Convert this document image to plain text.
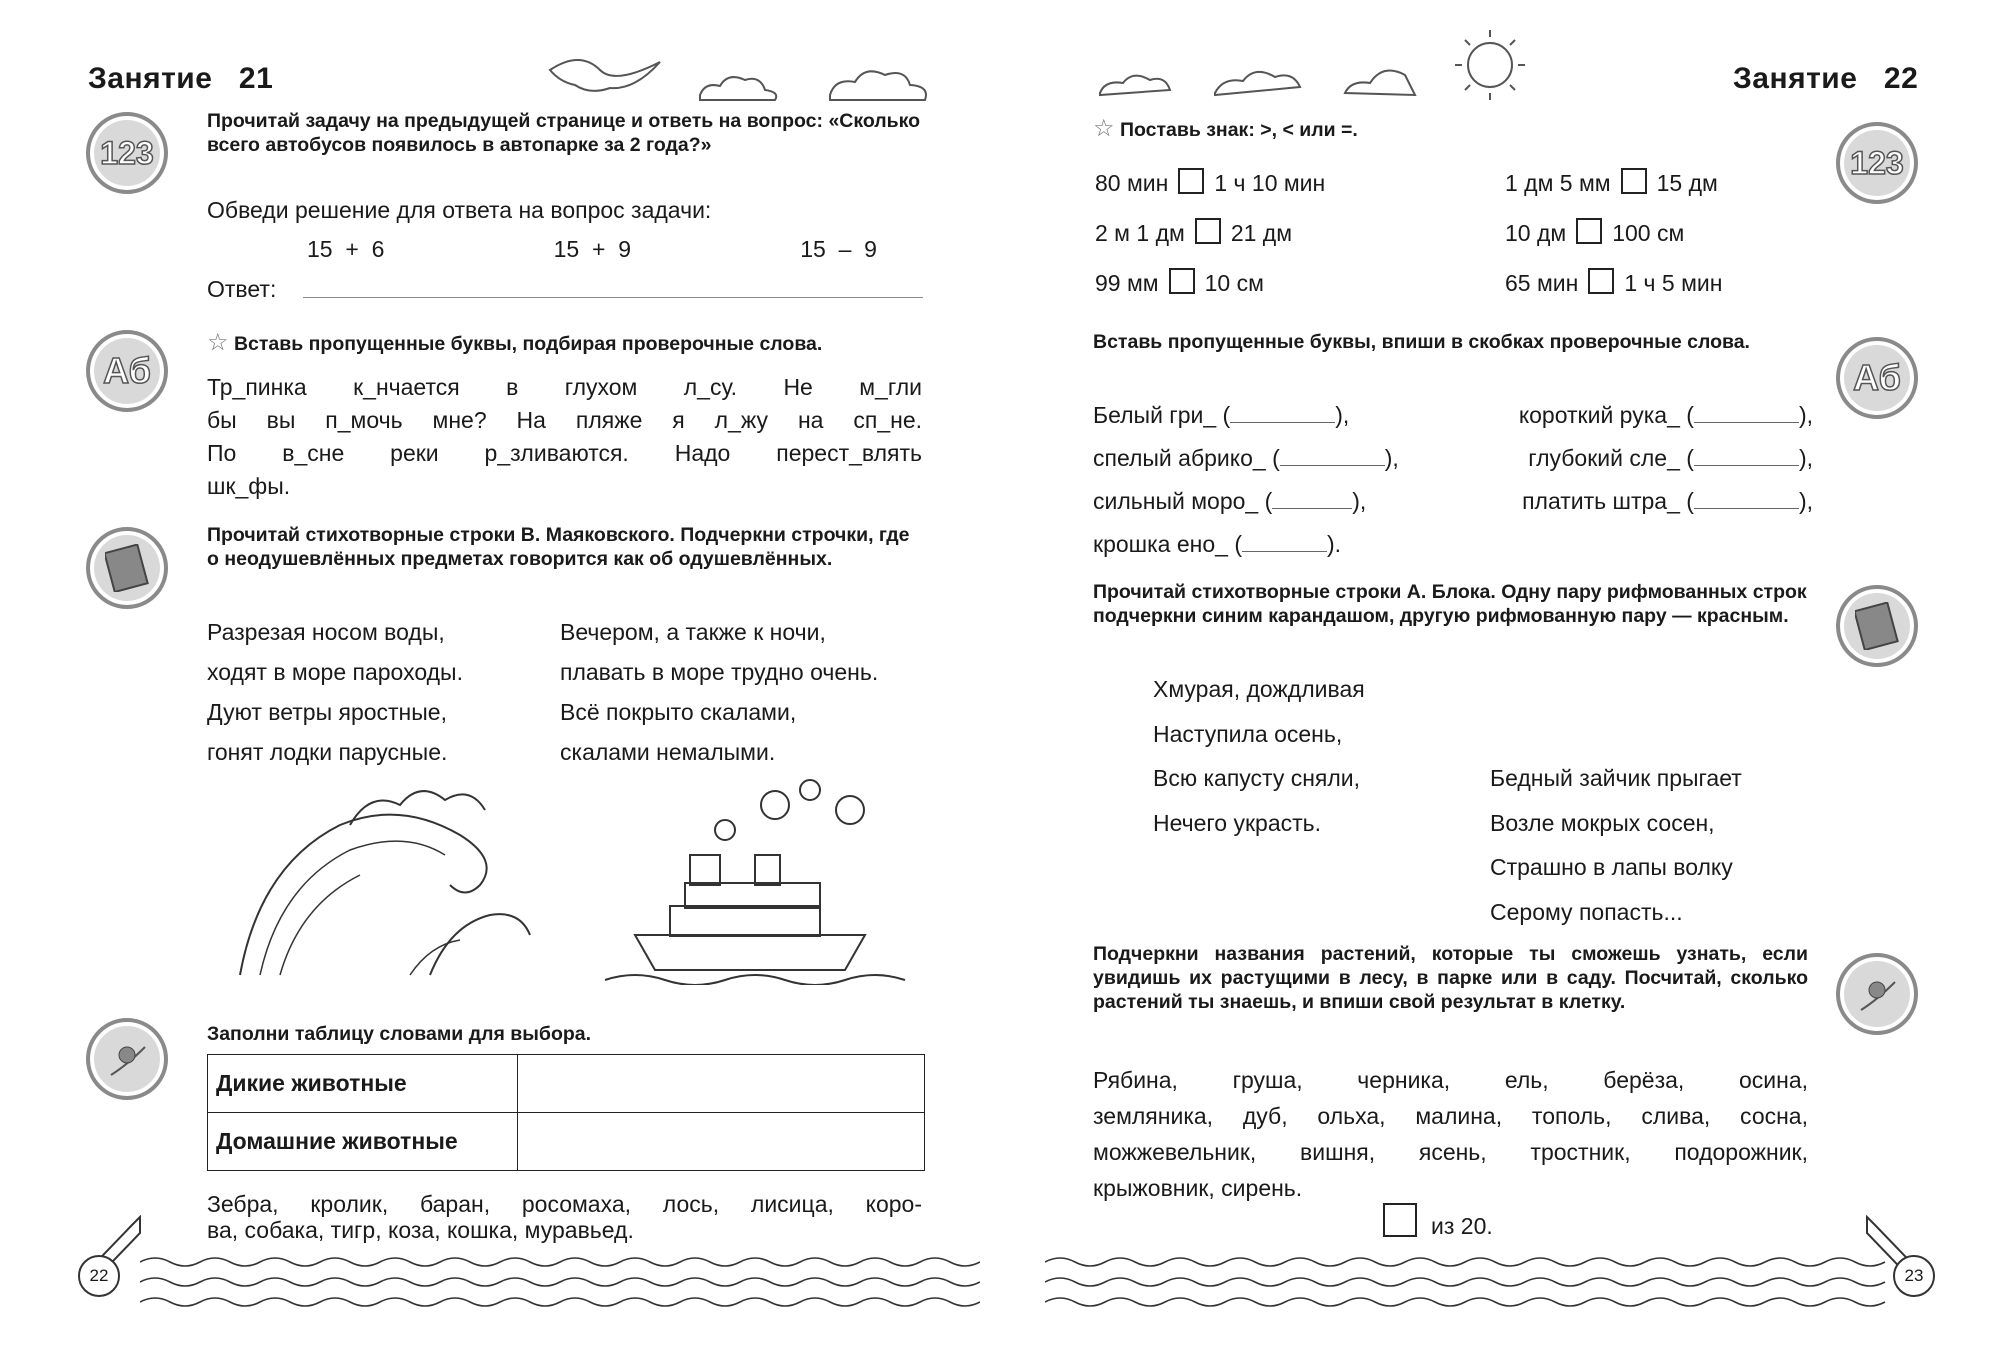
Занятие   21
123
Прочитай задачу на предыдущей странице и ответь на вопрос: «Сколько всего автобусов появилось в автопарке за 2 года?»
Обведи решение для ответа на вопрос задачи:
15  +  6	15  +  9	15  –  9
Ответ:
Аб
☆ Вставь пропущенные буквы, подбирая проверочные слова.
Тр_пинка к_нчается в глухом л_су. Не м_гли
бы вы п_мочь мне? На пляже я л_жу на сп_не.
По в_сне реки р_зливаются. Надо перест_влять
шк_фы.
Прочитай стихотворные строки В. Маяковского. Подчеркни строчки, где о неодушевлённых предметах говорится как об одушевлённых.
Разрезая носом воды,
ходят в море пароходы.
Дуют ветры яростные,
гонят лодки парусные.
Вечером, а также к ночи,
плавать в море трудно очень.
Всё покрыто скалами,
скалами немалыми.
Заполни таблицу словами для выбора.
Дикие животные	
Домашние животные	
Зебра, кролик, баран, росомаха, лось, лисица, коро-
ва, собака, тигр, коза, кошка, муравьед.
22
Занятие   22
123
☆ Поставь знак: >, < или =.
80 мин 1 ч 10 мин	1 дм 5 мм 15 дм
2 м 1 дм 21 дм	10 дм 100 см
99 мм 10 см	65 мин 1 ч 5 мин
Аб
Вставь пропущенные буквы, впиши в скобках проверочные слова.
Белый гри_ (	),	короткий рука_ (	),
спелый абрико_ (	),	глубокий сле_ (	),
сильный моро_ (	),	платить штра_ (	),
крошка ено_ (	).
Прочитай стихотворные строки А. Блока. Одну пару рифмованных строк подчеркни синим карандашом, другую рифмованную пару — красным.
Хмурая, дождливая
Наступила осень,
Всю капусту сняли,
Нечего украсть.
Бедный зайчик прыгает
Возле мокрых сосен,
Страшно в лапы волку
Серому попасть...
Подчеркни названия растений, которые ты сможешь узнать, если увидишь их растущими в лесу, в парке или в саду. Посчитай, сколько растений ты знаешь, и впиши свой результат в клетку.
Рябина, груша, черника, ель, берёза, осина,
земляника, дуб, ольха, малина, тополь, слива, сосна,
можжевельник, вишня, ясень, тростник, подорожник,
крыжовник, сирень.
из 20.
23
